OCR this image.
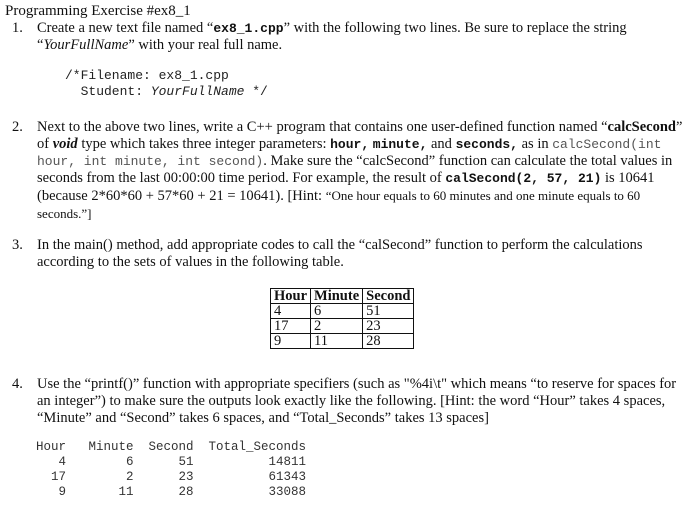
Programming Exercise #ex8_1
1. Create a new text file named “ex8_1.cpp” with the following two lines. Be sure to replace the string
“YourFullName” with your real full name.
/*Filename: ex8_1.cpp
Student: YourFullName */
2. Next to the above two lines, write a C++ program that contains one user-defined function named “calcSecond”
of void type which takes three integer parameters: hour, minute, and seconds, as in calcSecond(int
hour, int minute, int second). Make sure the “calcSecond” function can calculate the total values in
seconds from the last 00:00:00 time period. For example, the result of calSecond(2, 57, 21) is 10641
(because 2*60*60 + 57*60 + 21 = 10641). [Hint: “One hour equals to 60 minutes and one minute equals to 60
seconds.”]
3. In the main() method, add appropriate codes to call the “calSecond” function to perform the calculations
according to the sets of values in the following table.
Hour	Minute	Second
4	6	51
17	2	23
9	11	28
4. Use the “printf()” function with appropriate specifiers (such as "%4i\t" which means “to reserve for spaces for
an integer”) to make sure the outputs look exactly like the following. [Hint: the word “Hour” takes 4 spaces,
“Minute” and “Second” takes 6 spaces, and “Total_Seconds” takes 13 spaces]
Hour   Minute  Second  Total_Seconds
4        6      51          14811
17        2      23          61343
9       11      28          33088
